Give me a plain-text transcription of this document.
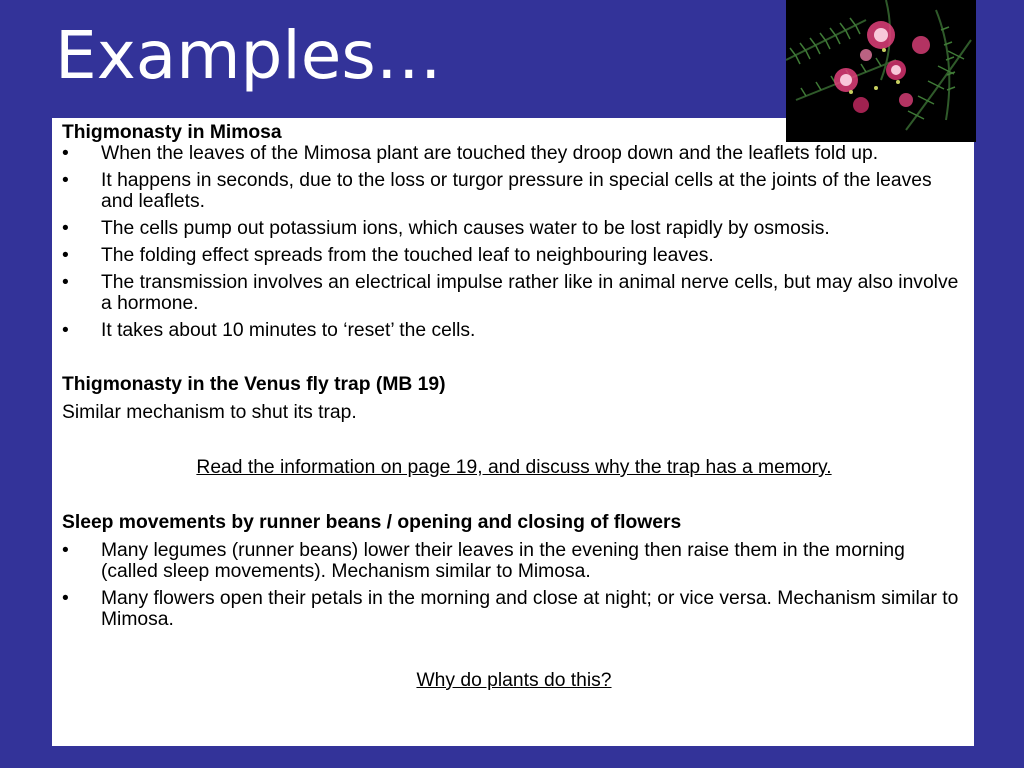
Examples…

Thigmonasty in Mimosa

• When the leaves of the Mimosa plant are touched they droop down and the leaflets fold up.
• It happens in seconds, due to the loss or turgor pressure in special cells at the joints of the leaves and leaflets.
• The cells pump out potassium ions, which causes water to be lost rapidly by osmosis.
• The folding effect spreads from the touched leaf to neighbouring leaves.
• The transmission involves an electrical impulse rather like in animal nerve cells, but may also involve a hormone.
• It takes about 10 minutes to ‘reset’ the cells.

Thigmonasty in the Venus fly trap (MB 19)

Similar mechanism to shut its trap.

Read the information on page 19, and discuss why the trap has a memory.

Sleep movements by runner beans / opening and closing of flowers

• Many legumes (runner beans) lower their leaves in the evening then raise them in the morning (called sleep movements). Mechanism similar to Mimosa.
• Many flowers open their petals in the morning and close at night; or vice versa. Mechanism similar to Mimosa.

Why do plants do this?
